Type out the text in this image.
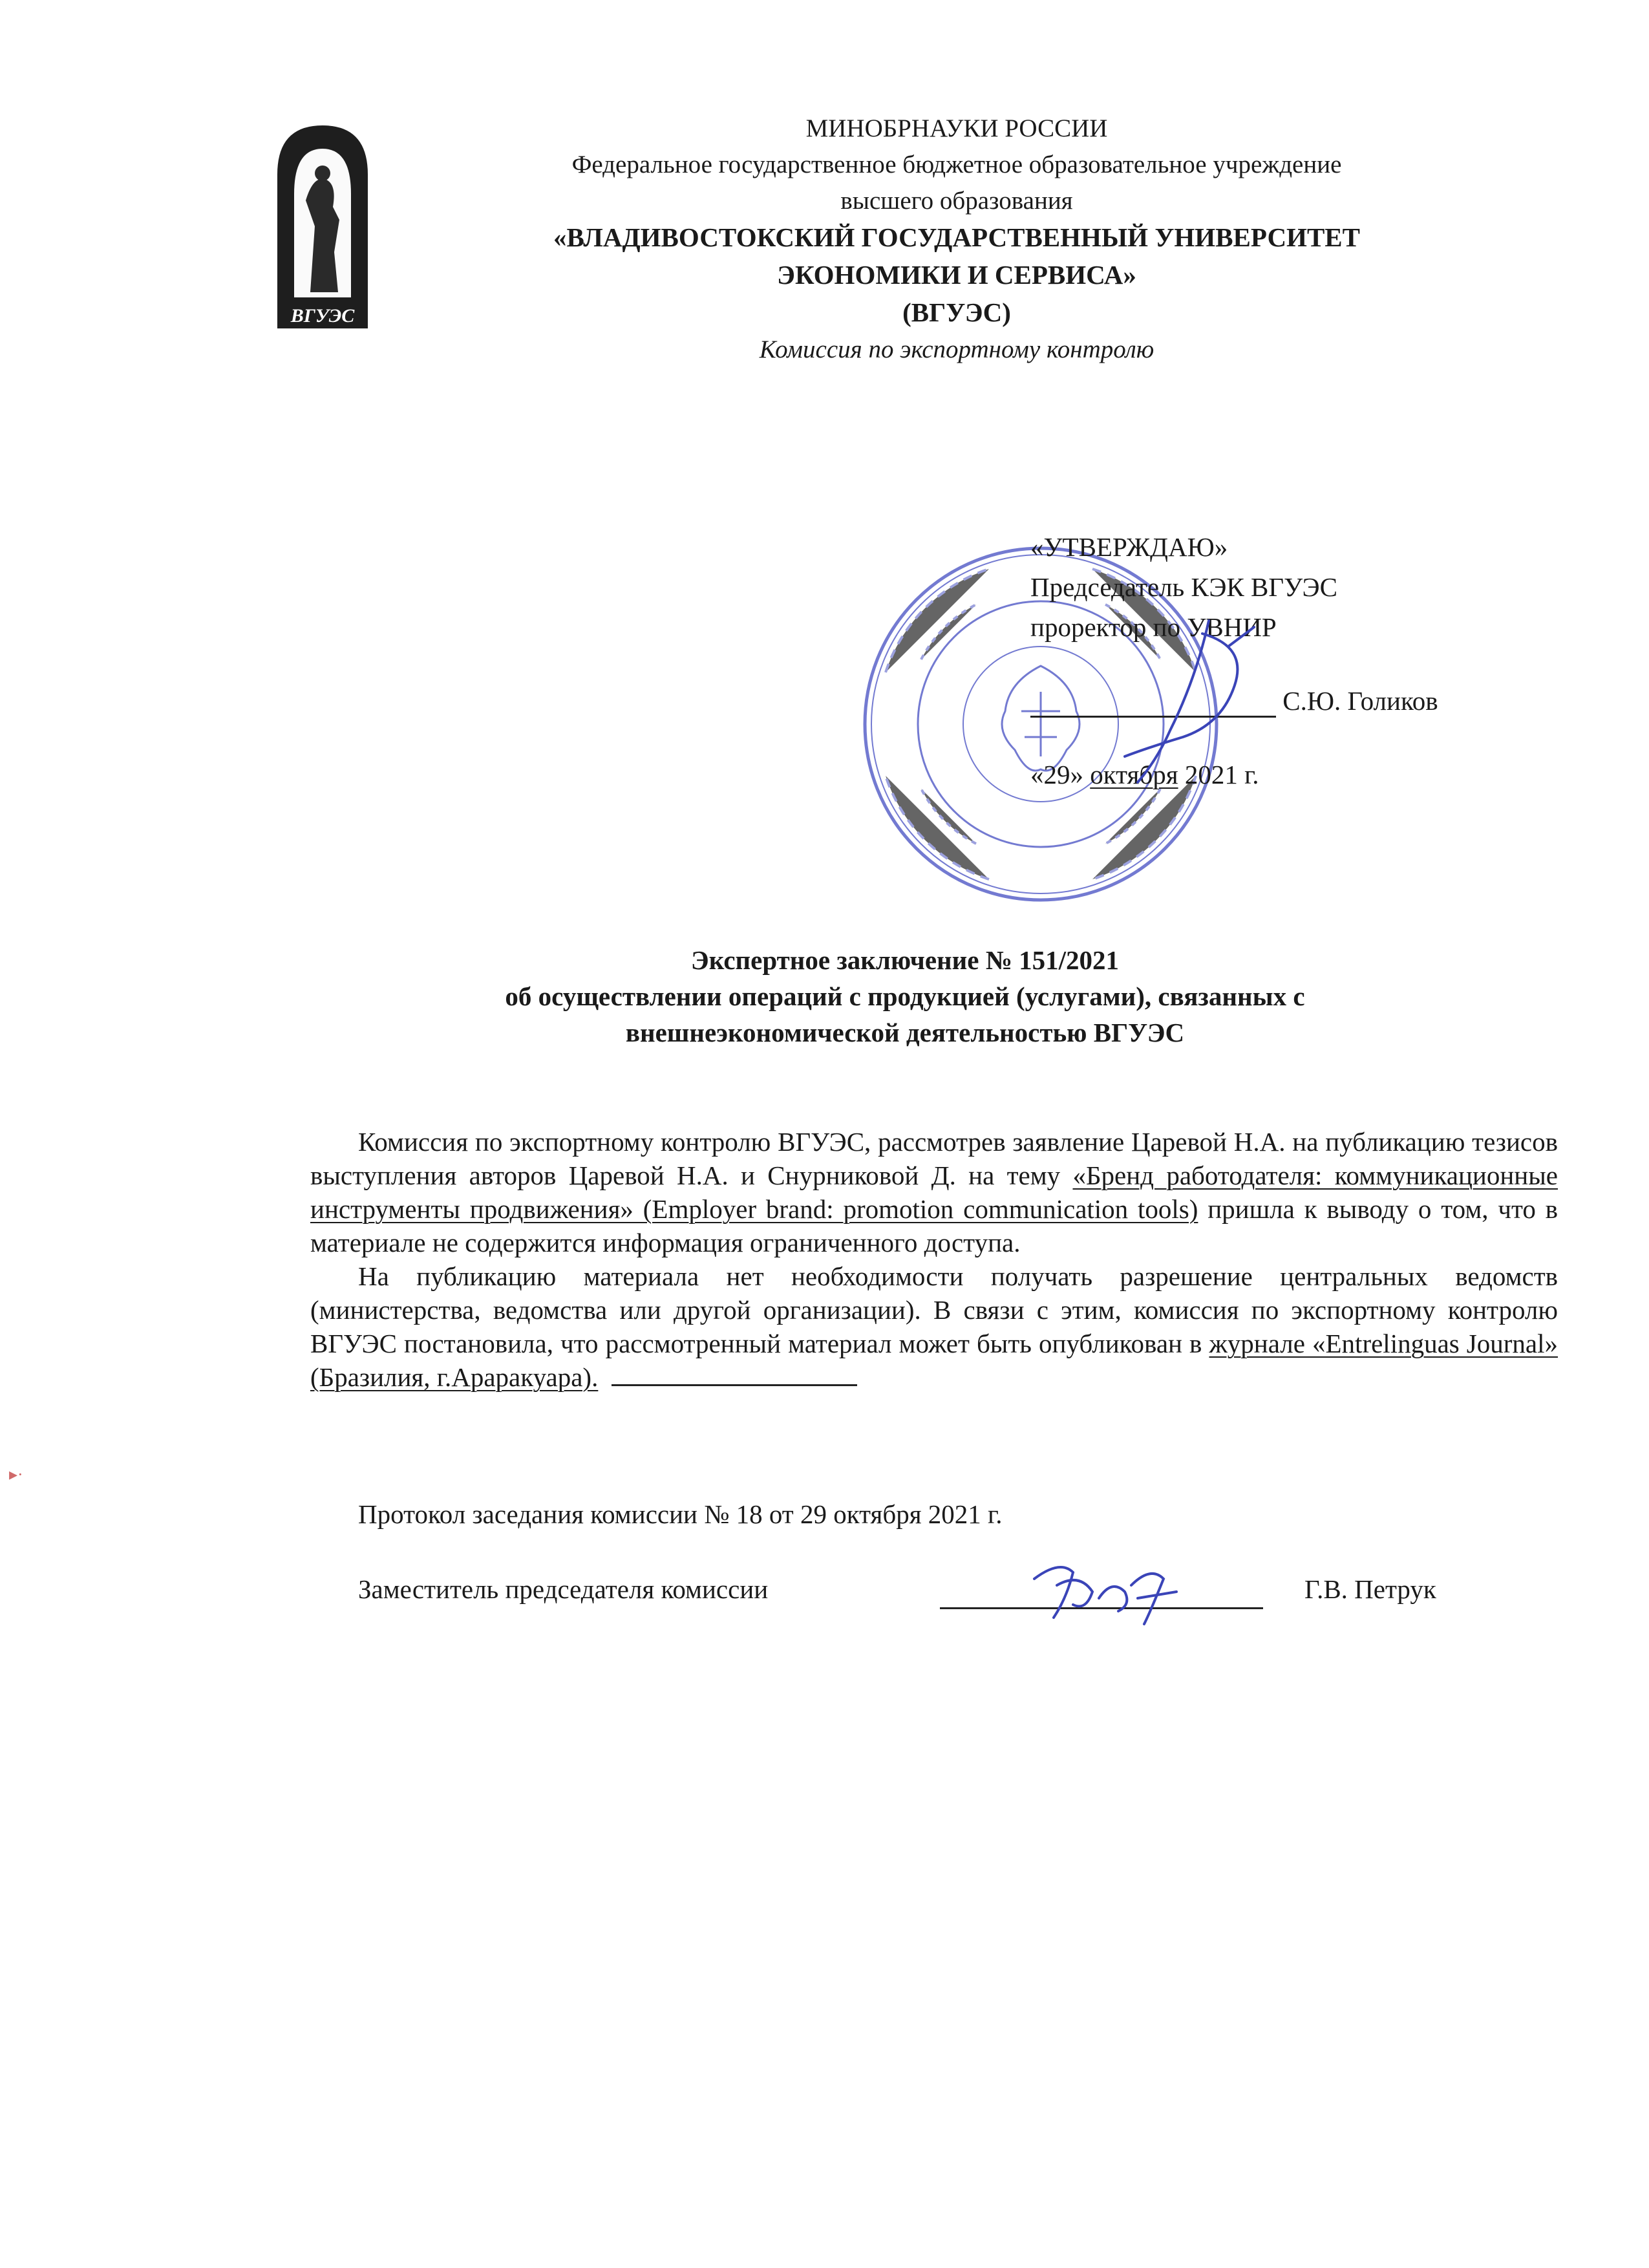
ВГУЭС
МИНОБРНАУКИ РОССИИ
Федеральное государственное бюджетное образовательное учреждение
высшего образования
«ВЛАДИВОСТОКСКИЙ ГОСУДАРСТВЕННЫЙ УНИВЕРСИТЕТ
ЭКОНОМИКИ И СЕРВИСА»
(ВГУЭС)
Комиссия по экспортному контролю
«УТВЕРЖДАЮ»
Председатель КЭК ВГУЭС
проректор по УВНИР
С.Ю. Голиков
«29» октября 2021 г.
Экспертное заключение № 151/2021
об осуществлении операций с продукцией (услугами), связанных с
внешнеэкономической деятельностью ВГУЭС

Комиссия по экспортному контролю ВГУЭС, рассмотрев заявление Царевой Н.А. на публикацию тезисов выступления авторов Царевой Н.А. и Снурниковой Д. на тему «Бренд работодателя: коммуникационные инструменты продвижения» (Employer brand: promotion communication tools) пришла к выводу о том, что в материале не содержится информация ограниченного доступа.

На публикацию материала нет необходимости получать разрешение центральных ведомств (министерства, ведомства или другой организации). В связи с этим, комиссия по экспортному контролю ВГУЭС постановила, что рассмотренный материал может быть опубликован в журнале «Entrelinguas Journal» (Бразилия, г.Араракуара).

Протокол заседания комиссии № 18 от 29 октября 2021 г.
Заместитель председателя комиссии	Г.В. Петрук
▸·
